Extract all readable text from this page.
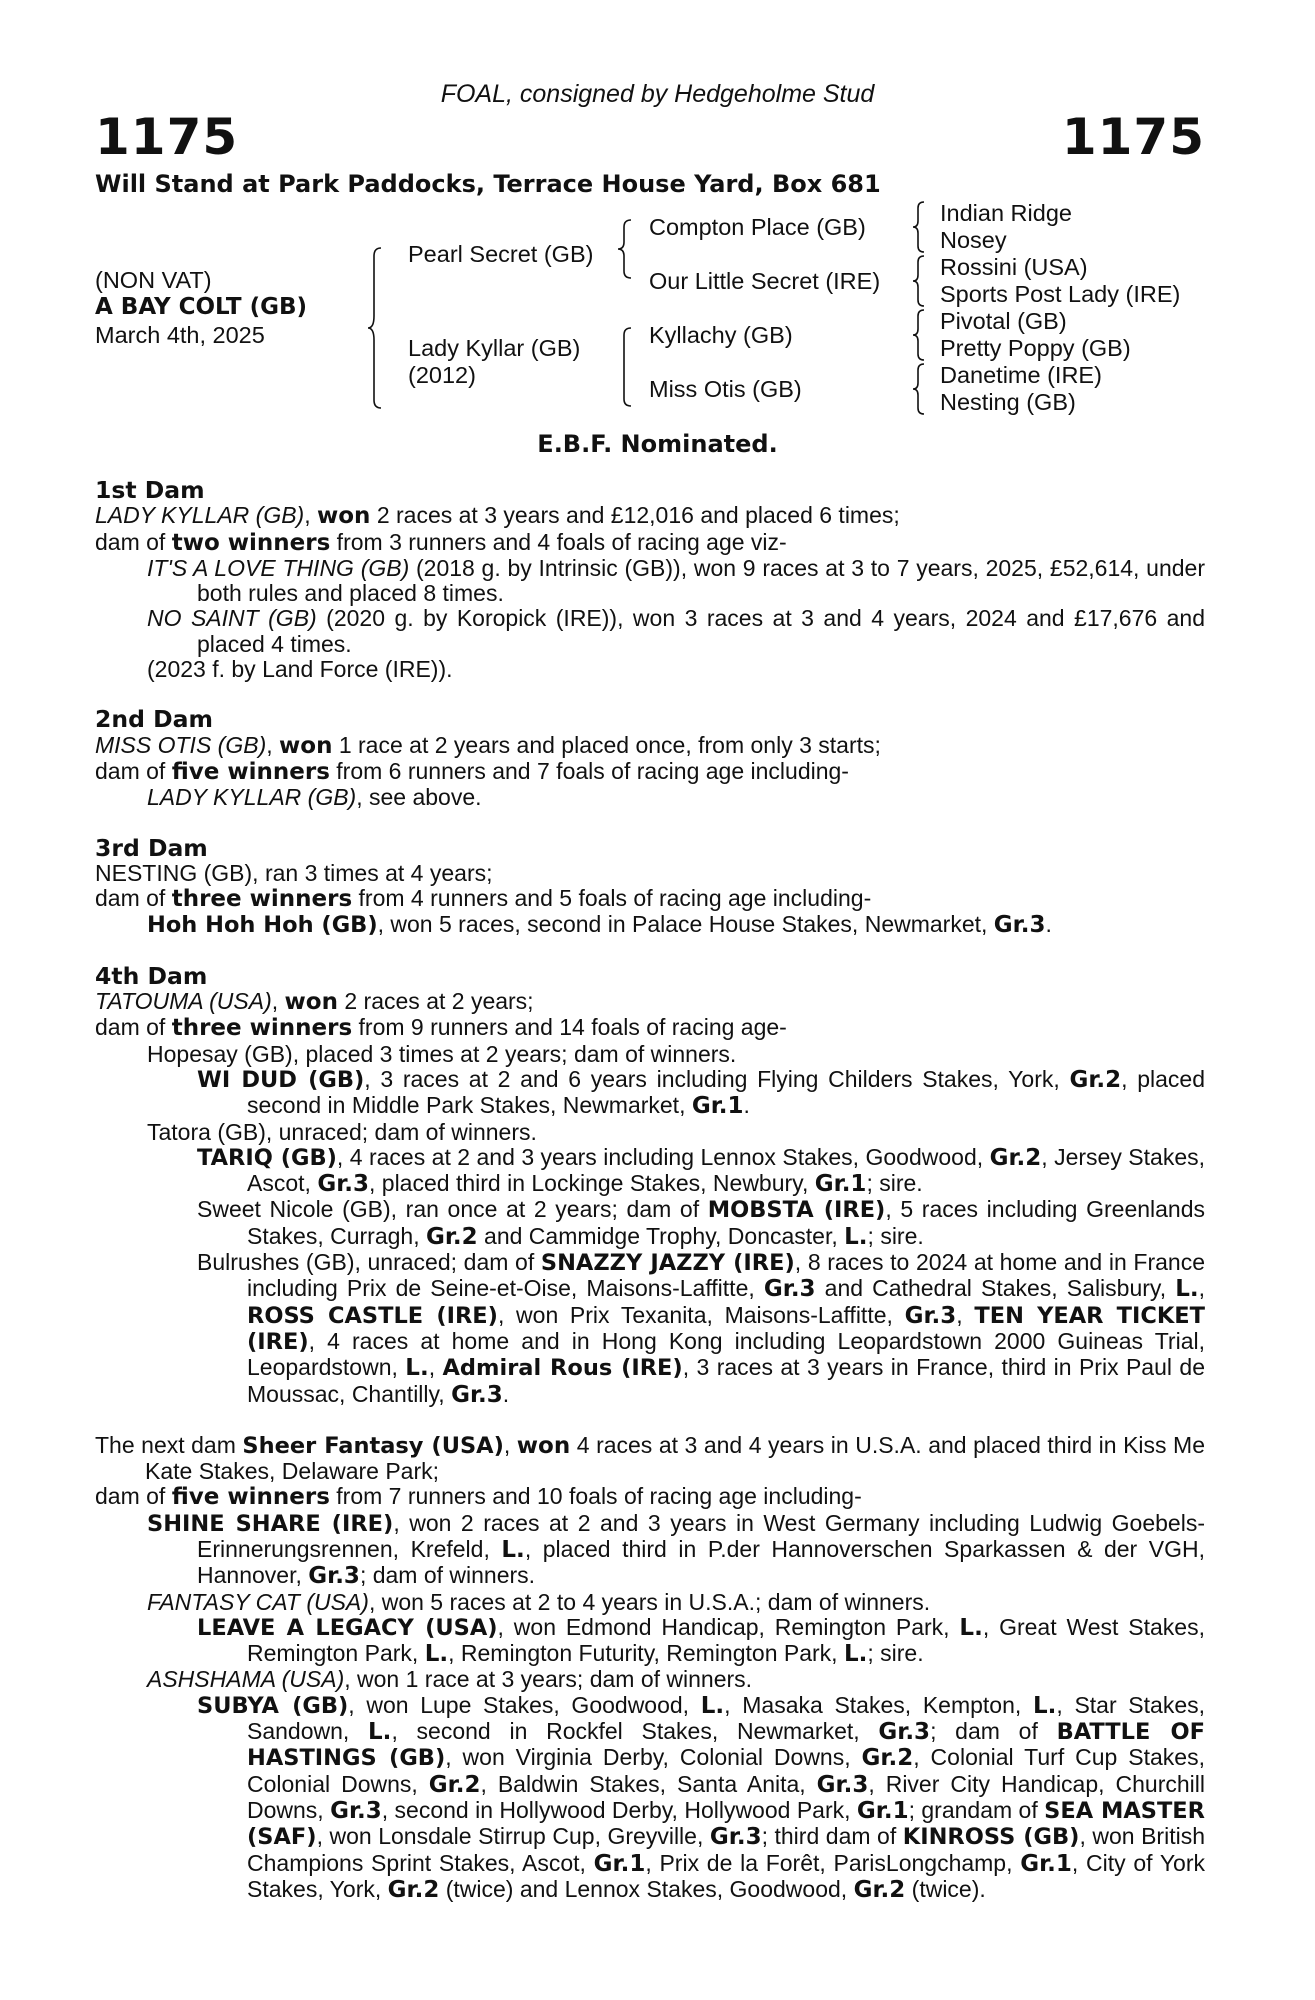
FOAL, consigned by Hedgeholme Stud
1175	1175
Will Stand at Park Paddocks, Terrace House Yard, Box 681
(NON VAT)
A BAY COLT (GB)
March 4th, 2025
Pearl Secret (GB)
Lady Kyllar (GB)
(2012)
Compton Place (GB)
Our Little Secret (IRE)
Kyllachy (GB)
Miss Otis (GB)
Indian Ridge
Nosey
Rossini (USA)
Sports Post Lady (IRE)
Pivotal (GB)
Pretty Poppy (GB)
Danetime (IRE)
Nesting (GB)
E.B.F. Nominated.
1st Dam
LADY KYLLAR (GB), won 2 races at 3 years and £12,016 and placed 6 times;
dam of two winners from 3 runners and 4 foals of racing age viz-
IT'S A LOVE THING (GB) (2018 g. by Intrinsic (GB)), won 9 races at 3 to 7 years, 2025, £52,614, under both rules and placed 8 times.
NO SAINT (GB) (2020 g. by Koropick (IRE)), won 3 races at 3 and 4 years, 2024 and £17,676 and placed 4 times.
(2023 f. by Land Force (IRE)).
2nd Dam
MISS OTIS (GB), won 1 race at 2 years and placed once, from only 3 starts;
dam of five winners from 6 runners and 7 foals of racing age including-
LADY KYLLAR (GB), see above.
3rd Dam
NESTING (GB), ran 3 times at 4 years;
dam of three winners from 4 runners and 5 foals of racing age including-
Hoh Hoh Hoh (GB), won 5 races, second in Palace House Stakes, Newmarket, Gr.3.
4th Dam
TATOUMA (USA), won 2 races at 2 years;
dam of three winners from 9 runners and 14 foals of racing age-
Hopesay (GB), placed 3 times at 2 years; dam of winners.
WI DUD (GB), 3 races at 2 and 6 years including Flying Childers Stakes, York, Gr.2, placed second in Middle Park Stakes, Newmarket, Gr.1.
Tatora (GB), unraced; dam of winners.
TARIQ (GB), 4 races at 2 and 3 years including Lennox Stakes, Goodwood, Gr.2, Jersey Stakes, Ascot, Gr.3, placed third in Lockinge Stakes, Newbury, Gr.1; sire.
Sweet Nicole (GB), ran once at 2 years; dam of MOBSTA (IRE), 5 races including Greenlands Stakes, Curragh, Gr.2 and Cammidge Trophy, Doncaster, L.; sire.
Bulrushes (GB), unraced; dam of SNAZZY JAZZY (IRE), 8 races to 2024 at home and in France including Prix de Seine-et-Oise, Maisons-Laffitte, Gr.3 and Cathedral Stakes, Salisbury, L., ROSS CASTLE (IRE), won Prix Texanita, Maisons-Laffitte, Gr.3, TEN YEAR TICKET (IRE), 4 races at home and in Hong Kong including Leopardstown 2000 Guineas Trial, Leopardstown, L., Admiral Rous (IRE), 3 races at 3 years in France, third in Prix Paul de Moussac, Chantilly, Gr.3.
The next dam Sheer Fantasy (USA), won 4 races at 3 and 4 years in U.S.A. and placed third in Kiss Me Kate Stakes, Delaware Park;
dam of five winners from 7 runners and 10 foals of racing age including-
SHINE SHARE (IRE), won 2 races at 2 and 3 years in West Germany including Ludwig Goebels-Erinnerungsrennen, Krefeld, L., placed third in P.der Hannoverschen Sparkassen & der VGH, Hannover, Gr.3; dam of winners.
FANTASY CAT (USA), won 5 races at 2 to 4 years in U.S.A.; dam of winners.
LEAVE A LEGACY (USA), won Edmond Handicap, Remington Park, L., Great West Stakes, Remington Park, L., Remington Futurity, Remington Park, L.; sire.
ASHSHAMA (USA), won 1 race at 3 years; dam of winners.
SUBYA (GB), won Lupe Stakes, Goodwood, L., Masaka Stakes, Kempton, L., Star Stakes, Sandown, L., second in Rockfel Stakes, Newmarket, Gr.3; dam of BATTLE OF HASTINGS (GB), won Virginia Derby, Colonial Downs, Gr.2, Colonial Turf Cup Stakes, Colonial Downs, Gr.2, Baldwin Stakes, Santa Anita, Gr.3, River City Handicap, Churchill Downs, Gr.3, second in Hollywood Derby, Hollywood Park, Gr.1; grandam of SEA MASTER (SAF), won Lonsdale Stirrup Cup, Greyville, Gr.3; third dam of KINROSS (GB), won British Champions Sprint Stakes, Ascot, Gr.1, Prix de la Forêt, ParisLongchamp, Gr.1, City of York Stakes, York, Gr.2 (twice) and Lennox Stakes, Goodwood, Gr.2 (twice).
